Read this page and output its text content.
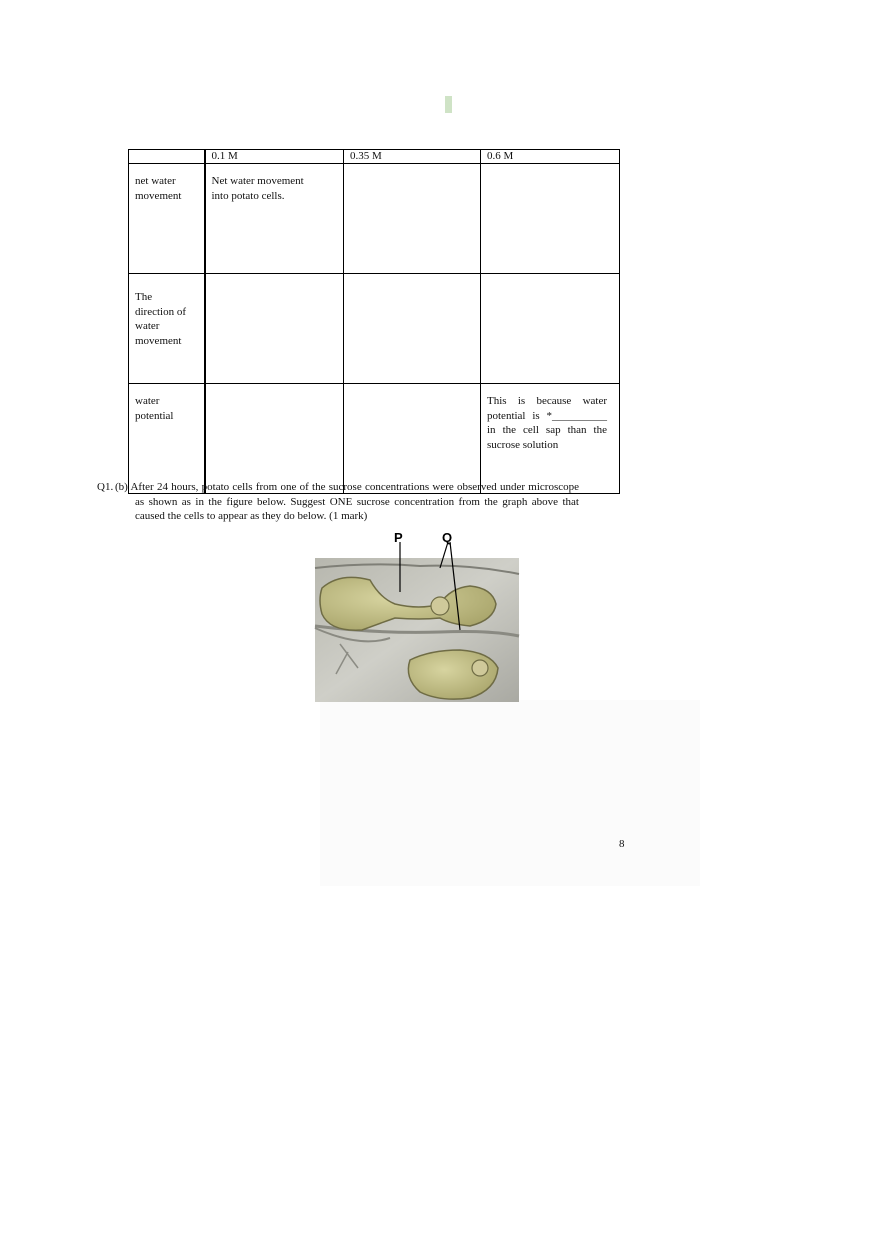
	0.1 M	0.35 M	0.6 M

net water movement	Net water movement into potato cells.		

The direction of water movement			

water potential			This is because water potential is *__________ in the cell sap than the sucrose solution
Q1. (b) After 24 hours, potato cells from one of the sucrose concentrations were observed under microscope as shown as in the figure below. Suggest ONE sucrose concentration from the graph above that caused the cells to appear as they do below. (1 mark)
P	Q
8
